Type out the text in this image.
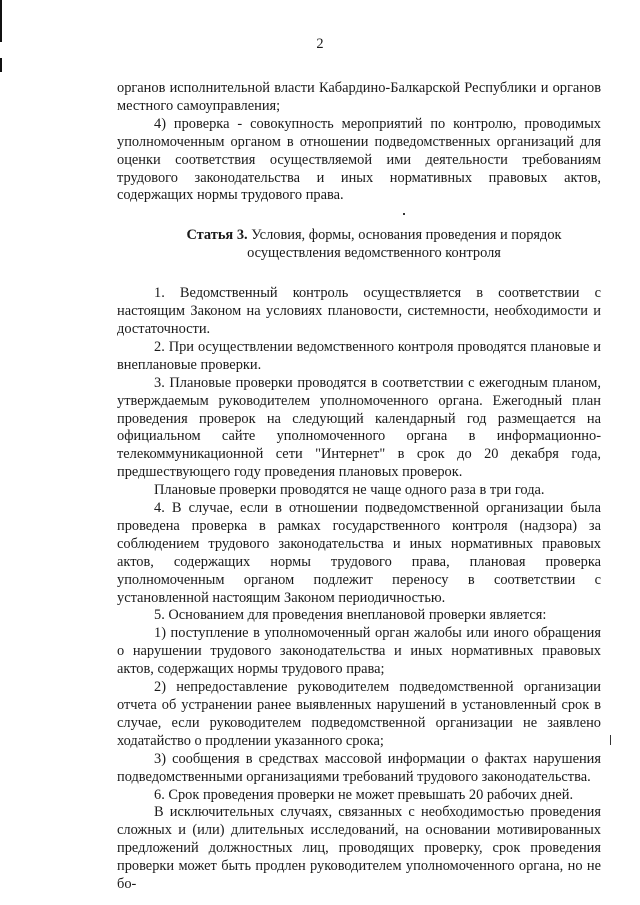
2

органов исполнительной власти Кабардино-Балкарской Республики и органов местного самоуправления;

4) проверка - совокупность мероприятий по контролю, проводимых уполномоченным органом в отношении подведомственных организаций для оценки соответствия осуществляемой ими деятельности требованиям трудового законодательства и иных нормативных правовых актов, содержащих нормы трудового права.

Статья 3. Условия, формы, основания проведения и порядок
осуществления ведомственного контроля

1. Ведомственный контроль осуществляется в соответствии с настоящим Законом на условиях плановости, системности, необходимости и достаточности.

2. При осуществлении ведомственного контроля проводятся плановые и внеплановые проверки.

3. Плановые проверки проводятся в соответствии с ежегодным планом, утверждаемым руководителем уполномоченного органа. Ежегодный план проведения проверок на следующий календарный год размещается на официальном сайте уполномоченного органа в информационно-телекоммуникационной сети "Интернет" в срок до 20 декабря года, предшествующего году проведения плановых проверок.

Плановые проверки проводятся не чаще одного раза в три года.

4. В случае, если в отношении подведомственной организации была проведена проверка в рамках государственного контроля (надзора) за соблюдением трудового законодательства и иных нормативных правовых актов, содержащих нормы трудового права, плановая проверка уполномоченным органом подлежит переносу в соответствии с установленной настоящим Законом периодичностью.

5. Основанием для проведения внеплановой проверки является:

1) поступление в уполномоченный орган жалобы или иного обращения о нарушении трудового законодательства и иных нормативных правовых актов, содержащих нормы трудового права;

2) непредоставление руководителем подведомственной организации отчета об устранении ранее выявленных нарушений в установленный срок в случае, если руководителем подведомственной организации не заявлено ходатайство о продлении указанного срока;

3) сообщения в средствах массовой информации о фактах нарушения подведомственными организациями требований трудового законодательства.

6. Срок проведения проверки не может превышать 20 рабочих дней.

В исключительных случаях, связанных с необходимостью проведения сложных и (или) длительных исследований, на основании мотивированных предложений должностных лиц, проводящих проверку, срок проведения проверки может быть продлен руководителем уполномоченного органа, но не бо-
